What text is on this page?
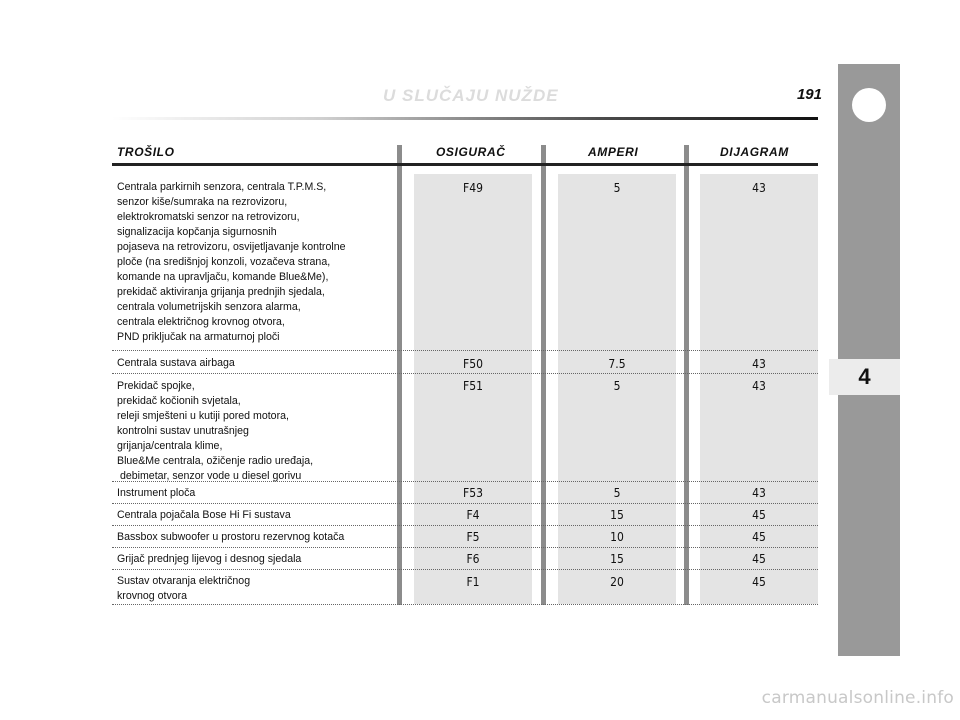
U SLUČAJU NUŽDE	191
4
TROŠILO	OSIGURAČ	AMPERI	DIJAGRAM
Centrala parkirnih senzora, centrala T.P.M.S,
senzor kiše/sumraka na rezrovizoru,
elektrokromatski senzor na retrovizoru,
signalizacija kopčanja sigurnosnih
pojaseva na retrovizoru, osvijetljavanje kontrolne
ploče (na središnjoj konzoli, vozačeva strana,
komande na upravljaču, komande Blue&Me),
prekidač aktiviranja grijanja prednjih sjedala,
centrala volumetrijskih senzora alarma,
centrala električnog krovnog otvora,
PND priključak na armaturnoj ploči
F49	5	43
Centrala sustava airbaga	F50	7.5	43
Prekidač spojke,
prekidač kočionih svjetala,
releji smješteni u kutiji pored motora,
kontrolni sustav unutrašnjeg
grijanja/centrala klime,
Blue&Me centrala, ožičenje radio uređaja,
debimetar, senzor vode u diesel gorivu
F51	5	43
Instrument ploča	F53	5	43
Centrala pojačala Bose Hi Fi sustava	F4	15	45
Bassbox subwoofer u prostoru rezervnog kotača	F5	10	45
Grijač prednjeg lijevog i desnog sjedala	F6	15	45
Sustav otvaranja električnog
krovnog otvora
F1	20	45
carmanualsonline.info
